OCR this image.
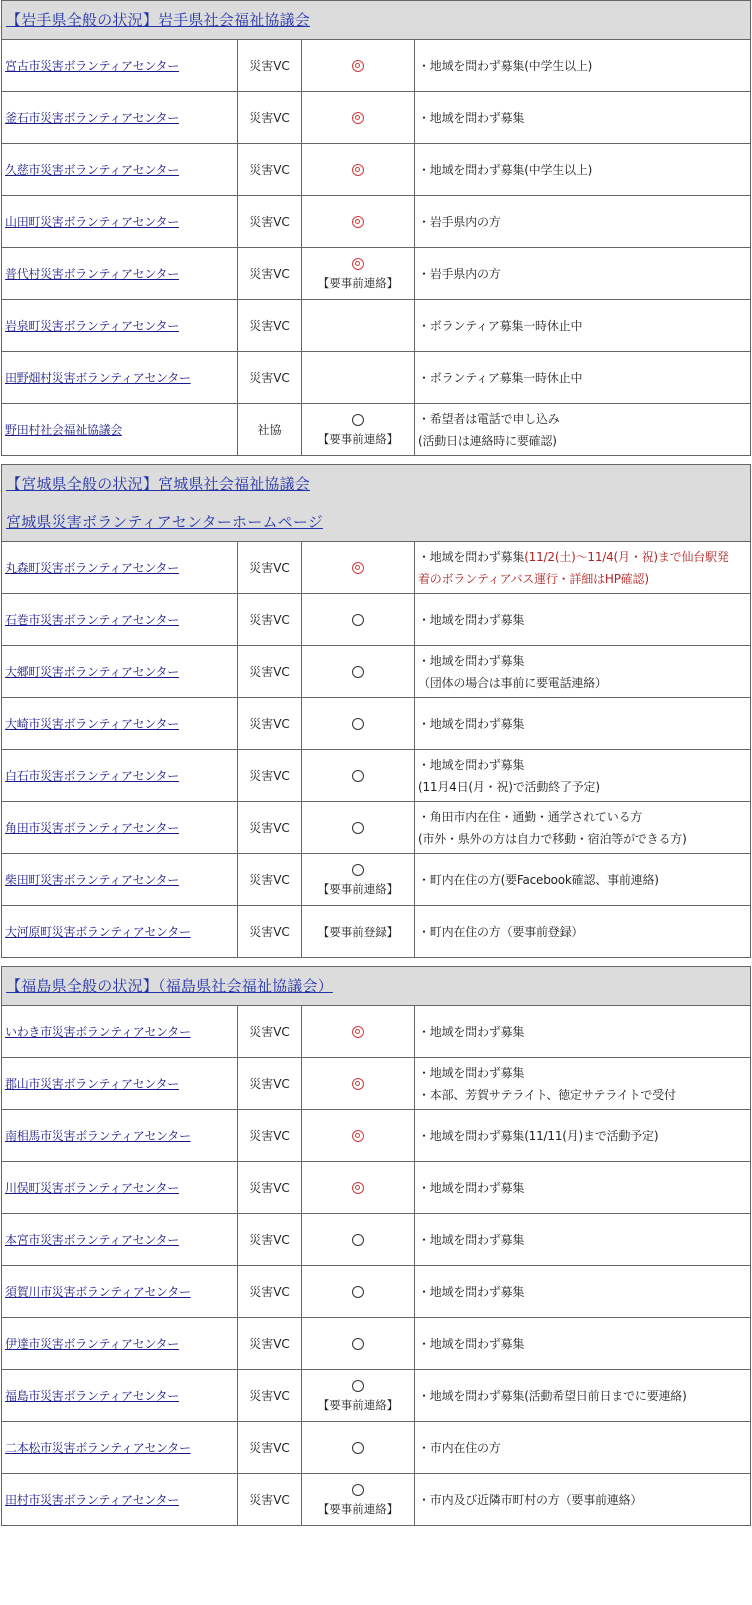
【岩手県全般の状況】岩手県社会福祉協議会			

宮古市災害ボランティアセンター	災害VC		・地域を問わず募集(中学生以上)

釜石市災害ボランティアセンター	災害VC		・地域を問わず募集

久慈市災害ボランティアセンター	災害VC		・地域を問わず募集(中学生以上)

山田町災害ボランティアセンター	災害VC		・岩手県内の方

普代村災害ボランティアセンター	災害VC	【要事前連絡】	・岩手県内の方

岩泉町災害ボランティアセンター	災害VC		・ボランティア募集一時休止中

田野畑村災害ボランティアセンター	災害VC		・ボランティア募集一時休止中

野田村社会福祉協議会	社協	【要事前連絡】	・希望者は電話で申し込み
(活動日は連絡時に要確認)
【宮城県全般の状況】宮城県社会福祉協議会
宮城県災害ボランティアセンターホームページ			

丸森町災害ボランティアセンター	災害VC		・地域を問わず募集(11/2(土)～11/4(月・祝)まで仙台駅発
着のボランティアバス運行・詳細はHP確認)

石巻市災害ボランティアセンター	災害VC		・地域を問わず募集

大郷町災害ボランティアセンター	災害VC		・地域を問わず募集
（団体の場合は事前に要電話連絡）

大崎市災害ボランティアセンター	災害VC		・地域を問わず募集

白石市災害ボランティアセンター	災害VC		・地域を問わず募集
(11月4日(月・祝)で活動終了予定)

角田市災害ボランティアセンター	災害VC		・角田市内在住・通勤・通学されている方
(市外・県外の方は自力で移動・宿泊等ができる方)

柴田町災害ボランティアセンター	災害VC	【要事前連絡】	・町内在住の方(要Facebook確認、事前連絡)

大河原町災害ボランティアセンター	災害VC	【要事前登録】	・町内在住の方（要事前登録）
【福島県全般の状況】（福島県社会福祉協議会）			

いわき市災害ボランティアセンター	災害VC		・地域を問わず募集

郡山市災害ボランティアセンター	災害VC		・地域を問わず募集
・本部、芳賀サテライト、徳定サテライトで受付

南相馬市災害ボランティアセンター	災害VC		・地域を問わず募集(11/11(月)まで活動予定)

川俣町災害ボランティアセンター	災害VC		・地域を問わず募集

本宮市災害ボランティアセンター	災害VC		・地域を問わず募集

須賀川市災害ボランティアセンター	災害VC		・地域を問わず募集

伊達市災害ボランティアセンター	災害VC		・地域を問わず募集

福島市災害ボランティアセンター	災害VC	【要事前連絡】	・地域を問わず募集(活動希望日前日までに要連絡)

二本松市災害ボランティアセンター	災害VC		・市内在住の方

田村市災害ボランティアセンター	災害VC	【要事前連絡】	・市内及び近隣市町村の方（要事前連絡）
